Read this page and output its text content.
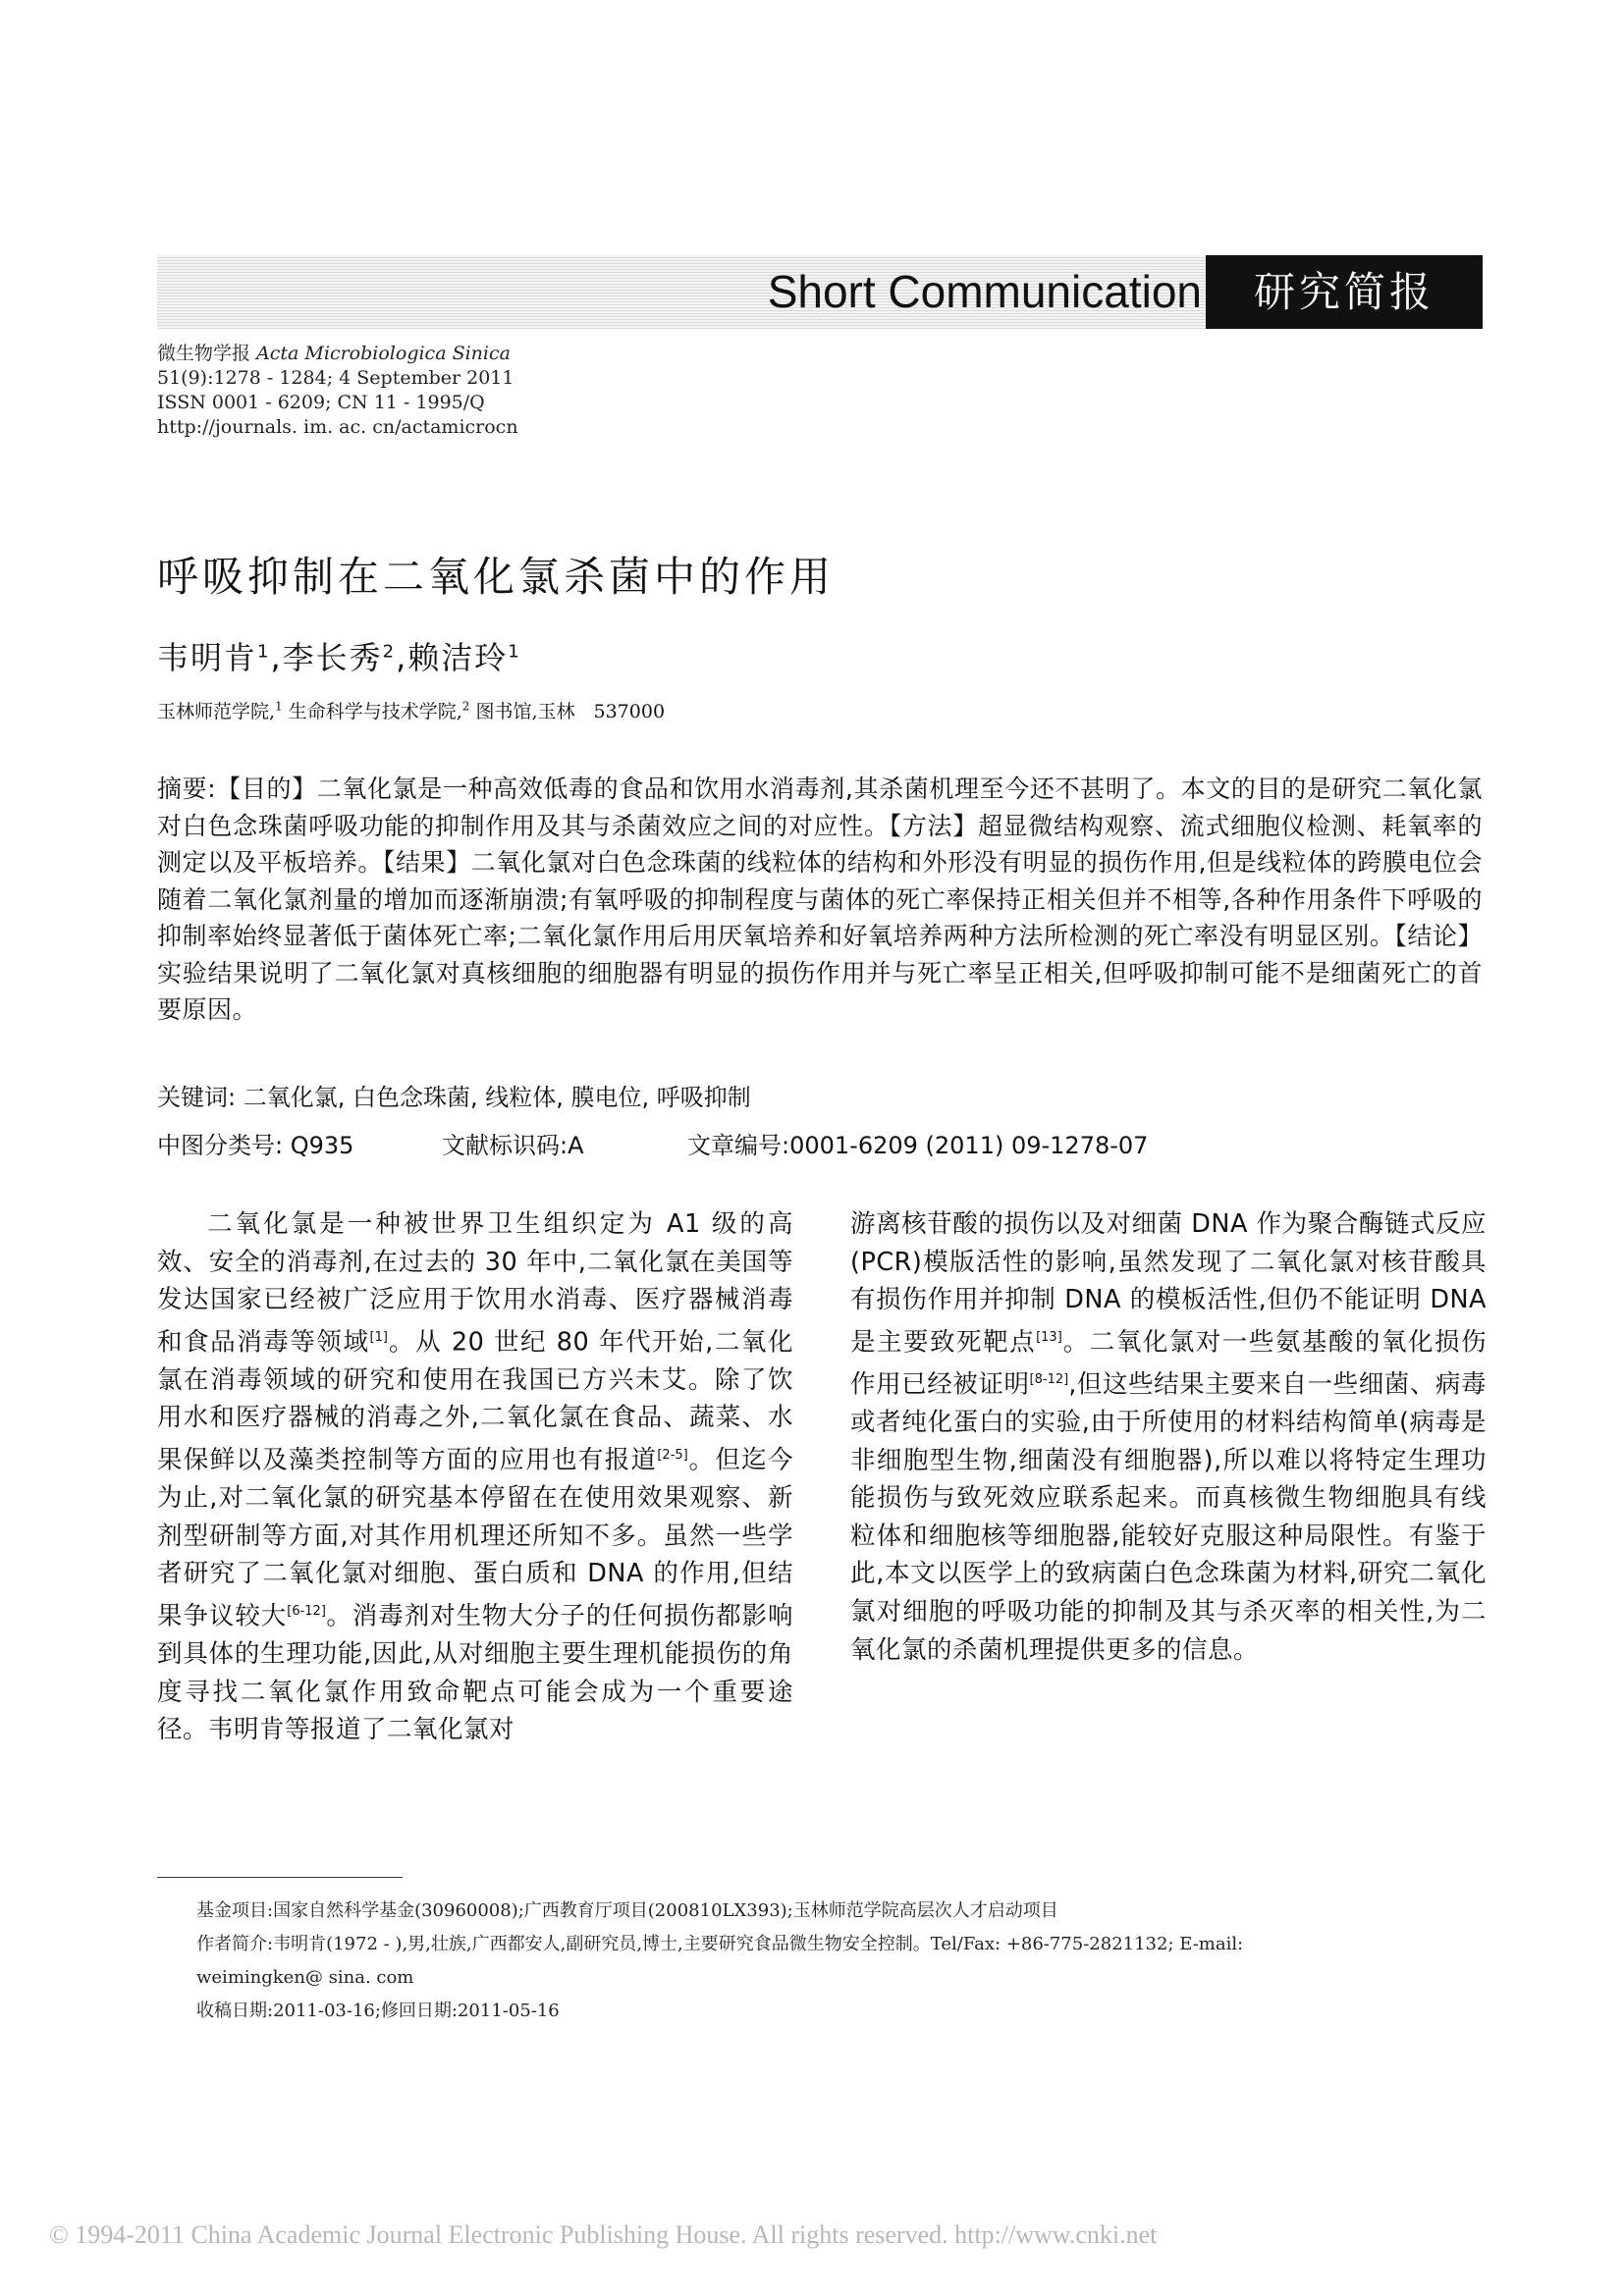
Short Communication	研究简报
微生物学报 Acta Microbiologica Sinica
51(9):1278 - 1284; 4 September 2011
ISSN 0001 - 6209; CN 11 - 1995/Q
http://journals. im. ac. cn/actamicrocn
呼吸抑制在二氧化氯杀菌中的作用
韦明肯$^1$,李长秀$^2$,赖洁玲$^1$
玉林师范学院,$^1$ 生命科学与技术学院,$^2$ 图书馆,玉林　537000
摘要:【目的】二氧化氯是一种高效低毒的食品和饮用水消毒剂,其杀菌机理至今还不甚明了。本文的目的是研究二氧化氯对白色念珠菌呼吸功能的抑制作用及其与杀菌效应之间的对应性。【方法】超显微结构观察、流式细胞仪检测、耗氧率的测定以及平板培养。【结果】二氧化氯对白色念珠菌的线粒体的结构和外形没有明显的损伤作用,但是线粒体的跨膜电位会随着二氧化氯剂量的增加而逐渐崩溃;有氧呼吸的抑制程度与菌体的死亡率保持正相关但并不相等,各种作用条件下呼吸的抑制率始终显著低于菌体死亡率;二氧化氯作用后用厌氧培养和好氧培养两种方法所检测的死亡率没有明显区别。【结论】实验结果说明了二氧化氯对真核细胞的细胞器有明显的损伤作用并与死亡率呈正相关,但呼吸抑制可能不是细菌死亡的首要原因。
关键词: 二氧化氯, 白色念珠菌, 线粒体, 膜电位, 呼吸抑制
中图分类号: Q935	文献标识码:A	文章编号:0001-6209 (2011) 09-1278-07
二氧化氯是一种被世界卫生组织定为 A1 级的高效、安全的消毒剂,在过去的 30 年中,二氧化氯在美国等发达国家已经被广泛应用于饮用水消毒、医疗器械消毒和食品消毒等领域[1]。从 20 世纪 80 年代开始,二氧化氯在消毒领域的研究和使用在我国已方兴未艾。除了饮用水和医疗器械的消毒之外,二氧化氯在食品、蔬菜、水果保鲜以及藻类控制等方面的应用也有报道[2-5]。但迄今为止,对二氧化氯的研究基本停留在在使用效果观察、新剂型研制等方面,对其作用机理还所知不多。虽然一些学者研究了二氧化氯对细胞、蛋白质和 DNA 的作用,但结果争议较大[6-12]。消毒剂对生物大分子的任何损伤都影响到具体的生理功能,因此,从对细胞主要生理机能损伤的角度寻找二氧化氯作用致命靶点可能会成为一个重要途径。韦明肯等报道了二氧化氯对
游离核苷酸的损伤以及对细菌 DNA 作为聚合酶链式反应(PCR)模版活性的影响,虽然发现了二氧化氯对核苷酸具有损伤作用并抑制 DNA 的模板活性,但仍不能证明 DNA 是主要致死靶点[13]。二氧化氯对一些氨基酸的氧化损伤作用已经被证明[8-12],但这些结果主要来自一些细菌、病毒或者纯化蛋白的实验,由于所使用的材料结构简单(病毒是非细胞型生物,细菌没有细胞器),所以难以将特定生理功能损伤与致死效应联系起来。而真核微生物细胞具有线粒体和细胞核等细胞器,能较好克服这种局限性。有鉴于此,本文以医学上的致病菌白色念珠菌为材料,研究二氧化氯对细胞的呼吸功能的抑制及其与杀灭率的相关性,为二氧化氯的杀菌机理提供更多的信息。
基金项目:国家自然科学基金(30960008);广西教育厅项目(200810LX393);玉林师范学院高层次人才启动项目
作者简介:韦明肯(1972 - ),男,壮族,广西都安人,副研究员,博士,主要研究食品微生物安全控制。Tel/Fax: +86-775-2821132; E-mail:
weimingken@ sina. com
收稿日期:2011-03-16;修回日期:2011-05-16
© 1994-2011 China Academic Journal Electronic Publishing House. All rights reserved. http://www.cnki.net
